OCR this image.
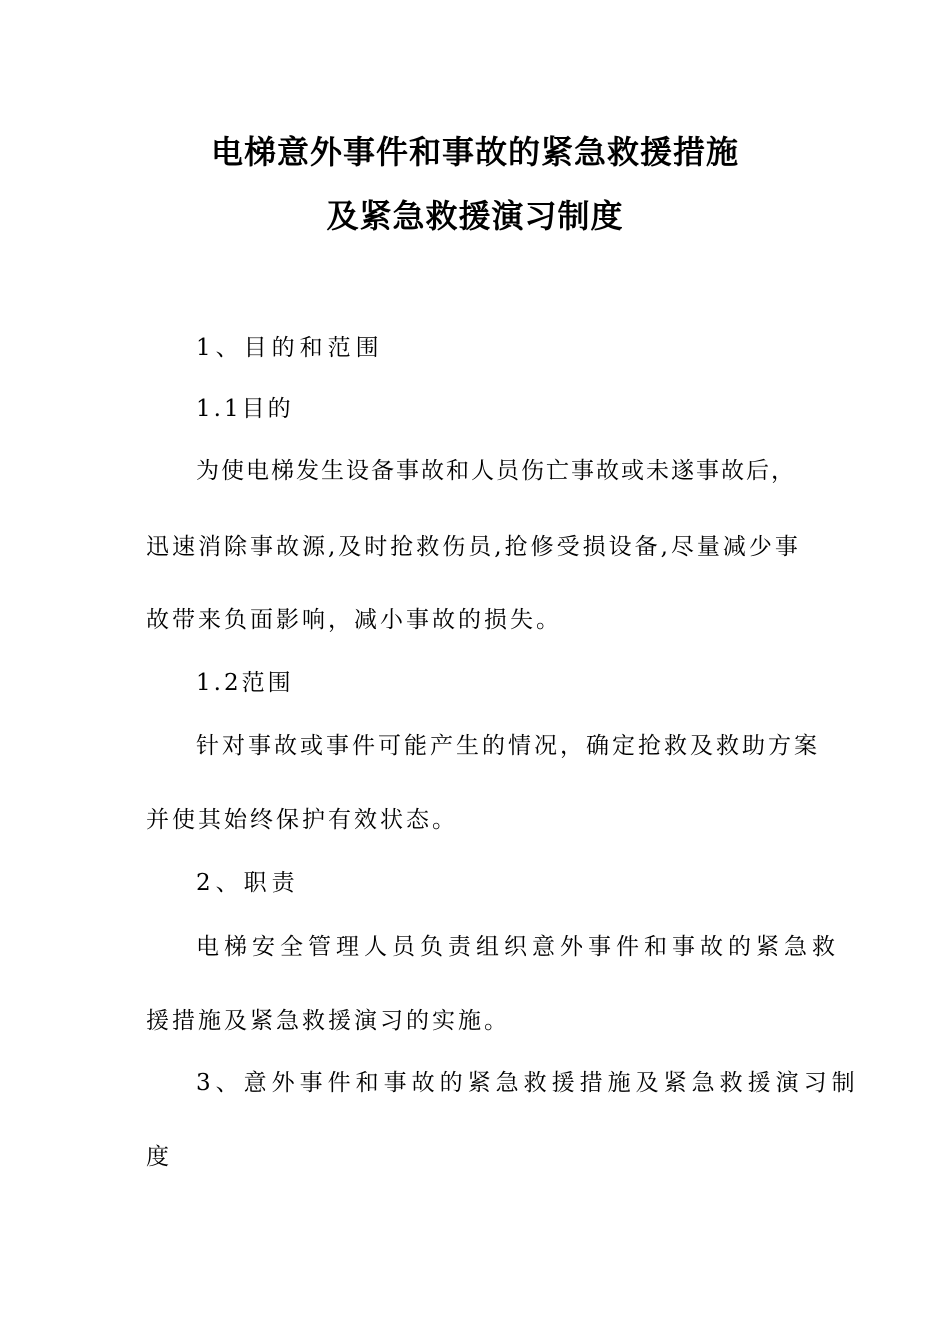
电梯意外事件和事故的紧急救援措施
及紧急救援演习制度
1、目的和范围
1.1目的
为使电梯发生设备事故和人员伤亡事故或未遂事故后，
迅速消除事故源,及时抢救伤员,抢修受损设备,尽量减少事
故带来负面影响，减小事故的损失。
1.2范围
针对事故或事件可能产生的情况，确定抢救及救助方案
并使其始终保护有效状态。
2、职责
电梯安全管理人员负责组织意外事件和事故的紧急救
援措施及紧急救援演习的实施。
3、意外事件和事故的紧急救援措施及紧急救援演习制
度
